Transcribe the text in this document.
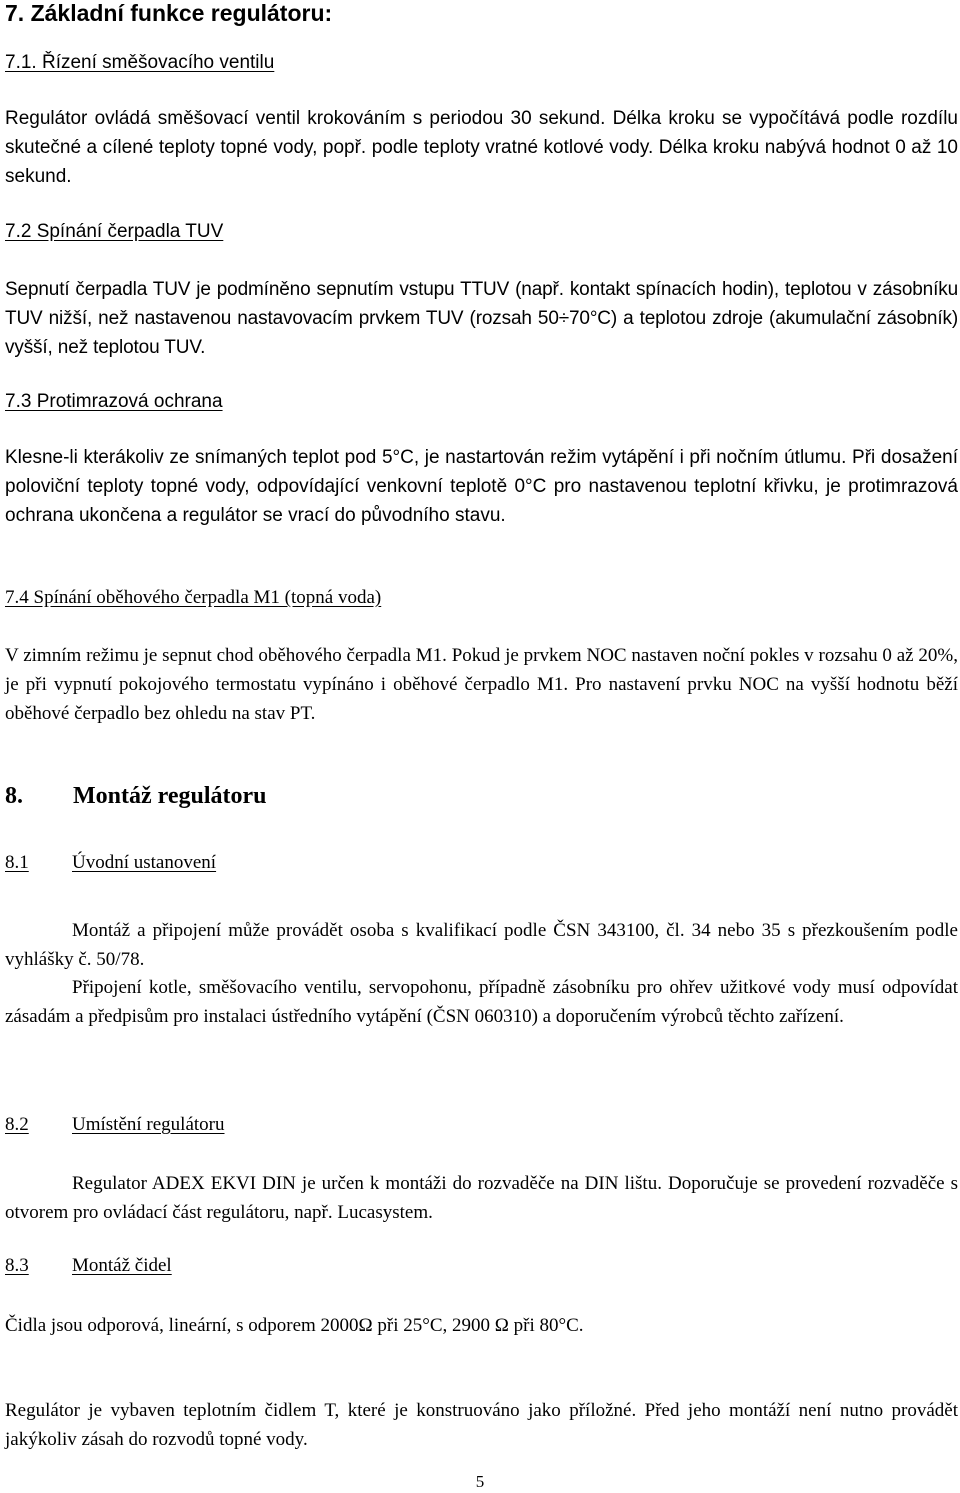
7. Základní funkce regulátoru:
7.1. Řízení směšovacího ventilu

Regulátor ovládá směšovací ventil krokováním s periodou 30 sekund. Délka kroku se vypočítává podle rozdílu skutečné a cílené teploty topné vody, popř. podle teploty vratné kotlové vody. Délka kroku nabývá hodnot 0 až 10 sekund.

7.2 Spínání čerpadla TUV

Sepnutí čerpadla TUV je podmíněno sepnutím vstupu TTUV (např. kontakt spínacích hodin), teplotou v zásobníku TUV nižší, než nastavenou nastavovacím prvkem TUV (rozsah 50÷70°C) a teplotou zdroje (akumulační zásobník) vyšší, než teplotou TUV.

7.3 Protimrazová ochrana

Klesne-li kterákoliv ze snímaných teplot pod 5°C, je nastartován režim vytápění i při nočním útlumu. Při dosažení poloviční teploty topné vody, odpovídající venkovní teplotě 0°C pro nastavenou teplotní křivku, je protimrazová ochrana ukončena a regulátor se vrací do původního stavu.

7.4 Spínání oběhového čerpadla M1 (topná voda)

V zimním režimu je sepnut chod oběhového čerpadla M1. Pokud je prvkem NOC nastaven noční pokles v rozsahu 0 až 20%, je při vypnutí pokojového termostatu vypínáno i oběhové čerpadlo M1. Pro nastavení prvku NOC na vyšší hodnotu běží oběhové čerpadlo bez ohledu na stav PT.

8. Montáž regulátoru
8.1 Úvodní ustanovení

Montáž a připojení může provádět osoba s kvalifikací podle ČSN 343100, čl. 34 nebo 35 s přezkoušením podle vyhlášky č. 50/78.

Připojení kotle, směšovacího ventilu, servopohonu, případně zásobníku pro ohřev užitkové vody musí odpovídat zásadám a předpisům pro instalaci ústředního vytápění (ČSN 060310) a doporučením výrobců těchto zařízení.

8.2 Umístění regulátoru

Regulator ADEX EKVI DIN je určen k montáži do rozvaděče na DIN lištu. Doporučuje se provedení rozvaděče s otvorem pro ovládací část regulátoru, např. Lucasystem.

8.3 Montáž čidel

Čidla jsou odporová, lineární, s odporem 2000Ω při 25°C, 2900 Ω při 80°C.

Regulátor je vybaven teplotním čidlem T, které je konstruováno jako příložné. Před jeho montáží není nutno provádět jakýkoliv zásah do rozvodů topné vody.

5
